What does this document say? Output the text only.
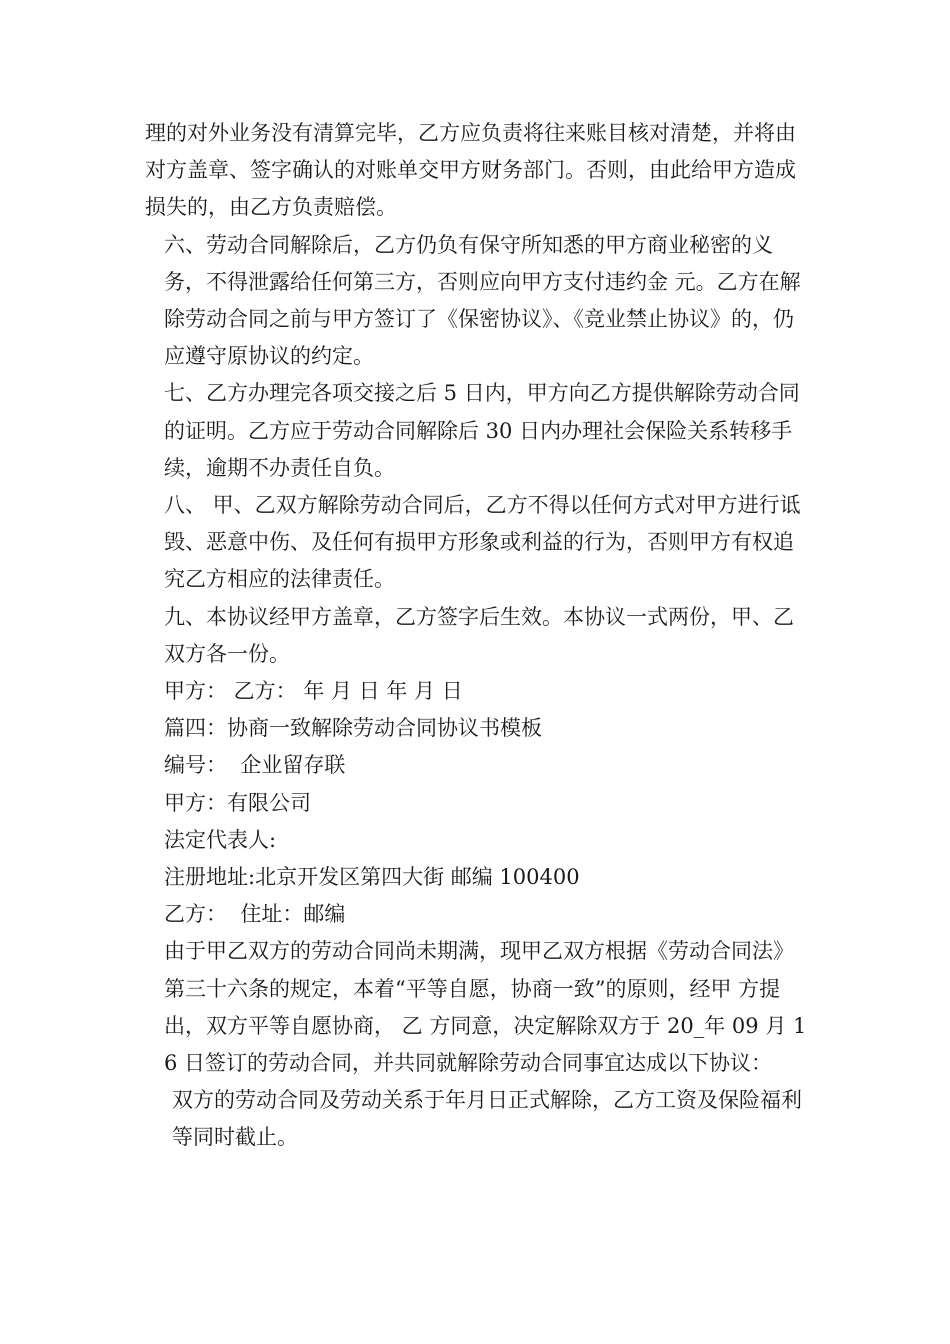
理的对外业务没有清算完毕，乙方应负责将往来账目核对清楚，并将由对方盖章、签字确认的对账单交甲方财务部门。否则，由此给甲方造成损失的，由乙方负责赔偿。

六、劳动合同解除后，乙方仍负有保守所知悉的甲方商业秘密的义务，不得泄露给任何第三方，否则应向甲方支付违约金 元。乙方在解除劳动合同之前与甲方签订了《保密协议》、《竞业禁止协议》的，仍应遵守原协议的约定。

七、乙方办理完各项交接之后 5 日内，甲方向乙方提供解除劳动合同的证明。乙方应于劳动合同解除后 30 日内办理社会保险关系转移手续，逾期不办责任自负。

八、 甲、乙双方解除劳动合同后，乙方不得以任何方式对甲方进行诋毁、恶意中伤、及任何有损甲方形象或利益的行为，否则甲方有权追究乙方相应的法律责任。

九、本协议经甲方盖章，乙方签字后生效。本协议一式两份，甲、乙双方各一份。

甲方： 乙方： 年 月 日 年 月 日

篇四：协商一致解除劳动合同协议书模板

编号：  企业留存联

甲方：有限公司

法定代表人:

注册地址:北京开发区第四大街 邮编 100400

乙方：  住址：邮编

由于甲乙双方的劳动合同尚未期满，现甲乙双方根据《劳动合同法》第三十六条的规定，本着“平等自愿，协商一致”的原则，经甲 方提出，双方平等自愿协商， 乙 方同意，决定解除双方于 20_年 09 月 16 日签订的劳动合同，并共同就解除劳动合同事宜达成以下协议：

双方的劳动合同及劳动关系于年月日正式解除，乙方工资及保险福利等同时截止。
